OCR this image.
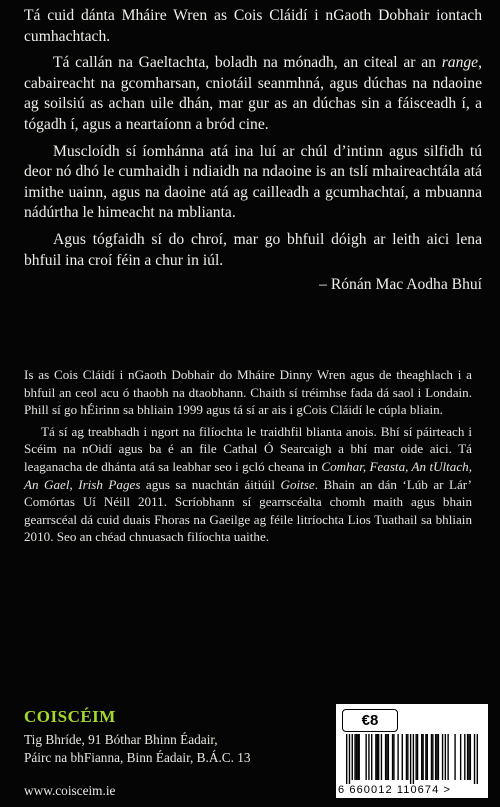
Tá cuid dánta Mháire Wren as Cois Cláidí i nGaoth Dobhair iontach cumhachtach.

Tá callán na Gaeltachta, boladh na mónadh, an citeal ar an range, cabaireacht na gcomharsan, cniotáil seanmhná, agus dúchas na ndaoine ag soilsiú as achan uile dhán, mar gur as an dúchas sin a fáisceadh í, a tógadh í, agus a neartaíonn a bród cine.

Muscloídh sí íomhánna atá ina luí ar chúl d’intinn agus silfidh tú deor nó dhó le cumhaidh i ndiaidh na ndaoine is an tslí mhaireachtála atá imithe uainn, agus na daoine atá ag cailleadh a gcumhachtaí, a mbuanna nádúrtha le himeacht na mblianta.

Agus tógfaidh sí do chroí, mar go bhfuil dóigh ar leith aici lena bhfuil ina croí féin a chur in iúl.

– Rónán Mac Aodha Bhuí

Is as Cois Cláidí i nGaoth Dobhair do Mháire Dinny Wren agus de theaghlach i a bhfuil an ceol acu ó thaobh na dtaobhann. Chaith sí tréimhse fada dá saol i Londain. Phill sí go hÉirinn sa bhliain 1999 agus tá sí ar ais i gCois Cláidí le cúpla bliain.

Tá sí ag treabhadh i ngort na filíochta le traidhfil blianta anois. Bhí sí páirteach i Scéim na nOidí agus ba é an file Cathal Ó Searcaigh a bhí mar oide aici. Tá leaganacha de dhánta atá sa leabhar seo i gcló cheana in Comhar, Feasta, An tUltach, An Gael, Irish Pages agus sa nuachtán áitiúil Goitse. Bhain an dán ‘Lúb ar Lár’ Comórtas Uí Néill 2011. Scríobhann sí gearrscéalta chomh maith agus bhain gearrscéal dá cuid duais Fhoras na Gaeilge ag féile litríochta Lios Tuathail sa bhliain 2010. Seo an chéad chnuasach filíochta uaithe.

COISCÉIM
Tig Bhríde, 91 Bóthar Bhinn Éadair,
Páirc na bhFianna, Binn Éadair, B.Á.C. 13
www.coisceim.ie
€8
6 660012 110674 >
